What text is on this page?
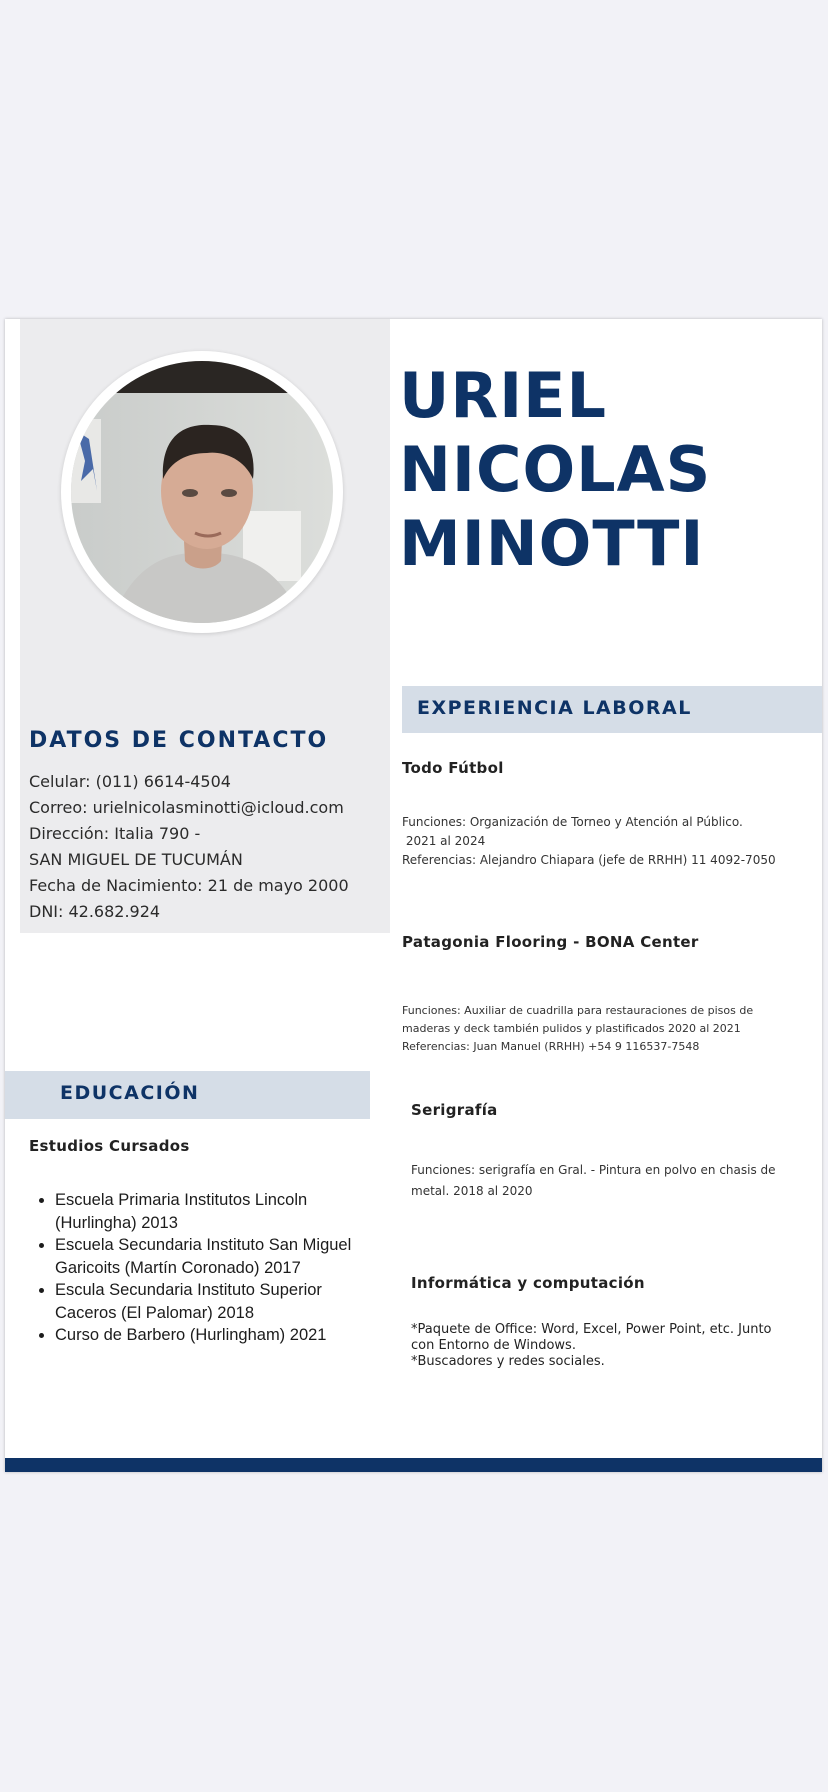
URIEL
NICOLAS
MINOTTI
DATOS DE CONTACTO
Celular: (011) 6614-4504
Correo: urielnicolasminotti@icloud.com
Dirección: Italia 790 -
SAN MIGUEL DE TUCUMÁN
Fecha de Nacimiento: 21 de mayo 2000
DNI: 42.682.924
EXPERIENCIA LABORAL
Todo Fútbol
Funciones: Organización de Torneo y Atención al Público.
2021 al 2024
Referencias: Alejandro Chiapara (jefe de RRHH) 11 4092-7050
Patagonia Flooring - BONA Center
Funciones: Auxiliar de cuadrilla para restauraciones de pisos de
maderas y deck también pulidos y plastificados 2020 al 2021
Referencias: Juan Manuel (RRHH) +54 9 116537-7548
Serigrafía
Funciones: serigrafía en Gral. - Pintura en polvo en chasis de
metal. 2018 al 2020
Informática y computación
*Paquete de Office: Word, Excel, Power Point, etc. Junto
con Entorno de Windows.
*Buscadores y redes sociales.
EDUCACIÓN
Estudios Cursados
• Escuela Primaria Institutos Lincoln (Hurlingha) 2013
• Escuela Secundaria Instituto San Miguel Garicoits (Martín Coronado) 2017
• Escula Secundaria Instituto Superior Caceros (El Palomar) 2018
• Curso de Barbero (Hurlingham) 2021
